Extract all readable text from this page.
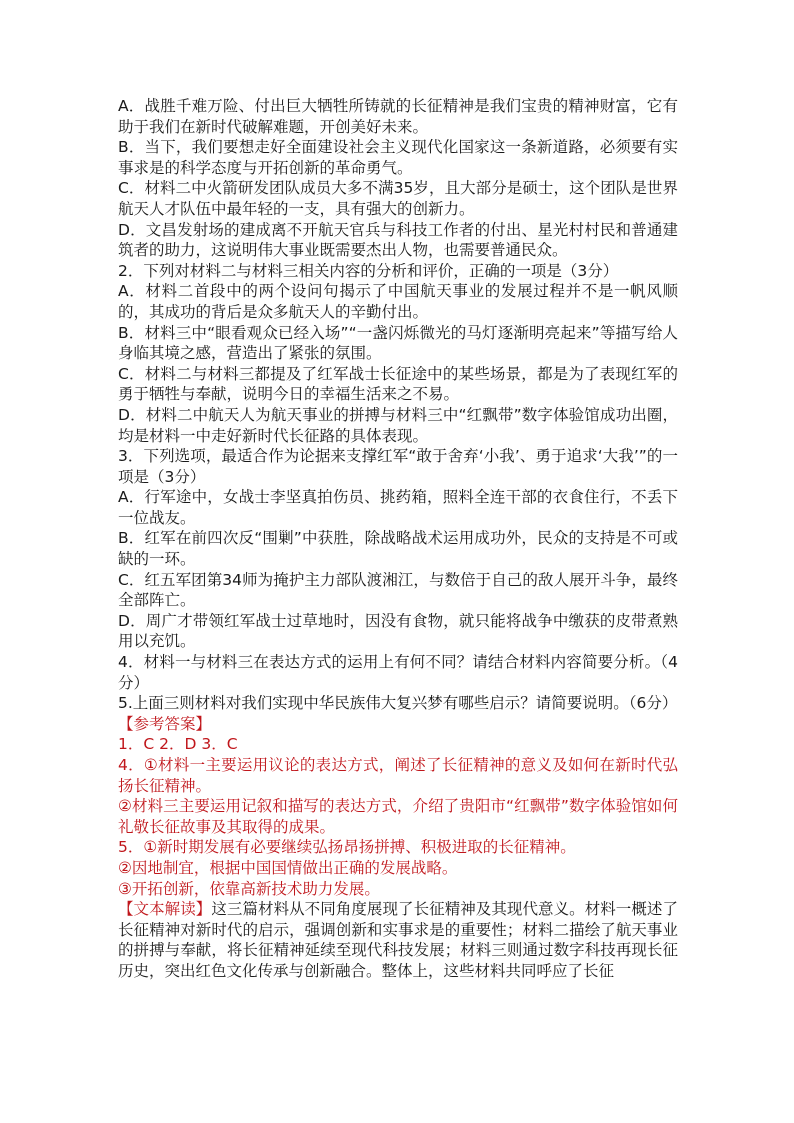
A．战胜千难万险、付出巨大牺牲所铸就的长征精神是我们宝贵的精神财富，它有助于我们在新时代破解难题，开创美好未来。

B．当下，我们要想走好全面建设社会主义现代化国家这一条新道路，必须要有实事求是的科学态度与开拓创新的革命勇气。

C．材料二中火箭研发团队成员大多不满35岁，且大部分是硕士，这个团队是世界航天人才队伍中最年轻的一支，具有强大的创新力。

D．文昌发射场的建成离不开航天官兵与科技工作者的付出、星光村村民和普通建筑者的助力，这说明伟大事业既需要杰出人物，也需要普通民众。

2．下列对材料二与材料三相关内容的分析和评价，正确的一项是（3分）

A．材料二首段中的两个设问句揭示了中国航天事业的发展过程并不是一帆风顺的，其成功的背后是众多航天人的辛勤付出。

B．材料三中“眼看观众已经入场”“一盏闪烁微光的马灯逐渐明亮起来”等描写给人身临其境之感，营造出了紧张的氛围。

C．材料二与材料三都提及了红军战士长征途中的某些场景，都是为了表现红军的勇于牺牲与奉献，说明今日的幸福生活来之不易。

D．材料二中航天人为航天事业的拼搏与材料三中“红飘带”数字体验馆成功出圈，均是材料一中走好新时代长征路的具体表现。

3．下列选项，最适合作为论据来支撑红军“敢于舍弃‘小我’、勇于追求‘大我’”的一项是（3分）

A．行军途中，女战士李坚真拍伤员、挑药箱，照料全连干部的衣食住行，不丢下一位战友。

B．红军在前四次反“围剿”中获胜，除战略战术运用成功外，民众的支持是不可或缺的一环。

C．红五军团第34师为掩护主力部队渡湘江，与数倍于自己的敌人展开斗争，最终全部阵亡。

D．周广才带领红军战士过草地时，因没有食物，就只能将战争中缴获的皮带煮熟用以充饥。

4．材料一与材料三在表达方式的运用上有何不同？请结合材料内容简要分析。（4分）

5.上面三则材料对我们实现中华民族伟大复兴梦有哪些启示？请简要说明。（6分）

【参考答案】

1．C 2．D 3．C

4．①材料一主要运用议论的表达方式，阐述了长征精神的意义及如何在新时代弘扬长征精神。

②材料三主要运用记叙和描写的表达方式，介绍了贵阳市“红飘带”数字体验馆如何礼敬长征故事及其取得的成果。

5．①新时期发展有必要继续弘扬昂扬拼搏、积极进取的长征精神。

②因地制宜，根据中国国情做出正确的发展战略。

③开拓创新，依靠高新技术助力发展。

【文本解读】这三篇材料从不同角度展现了长征精神及其现代意义。材料一概述了长征精神对新时代的启示，强调创新和实事求是的重要性；材料二描绘了航天事业的拼搏与奉献，将长征精神延续至现代科技发展；材料三则通过数字科技再现长征历史，突出红色文化传承与创新融合。整体上，这些材料共同呼应了长征
